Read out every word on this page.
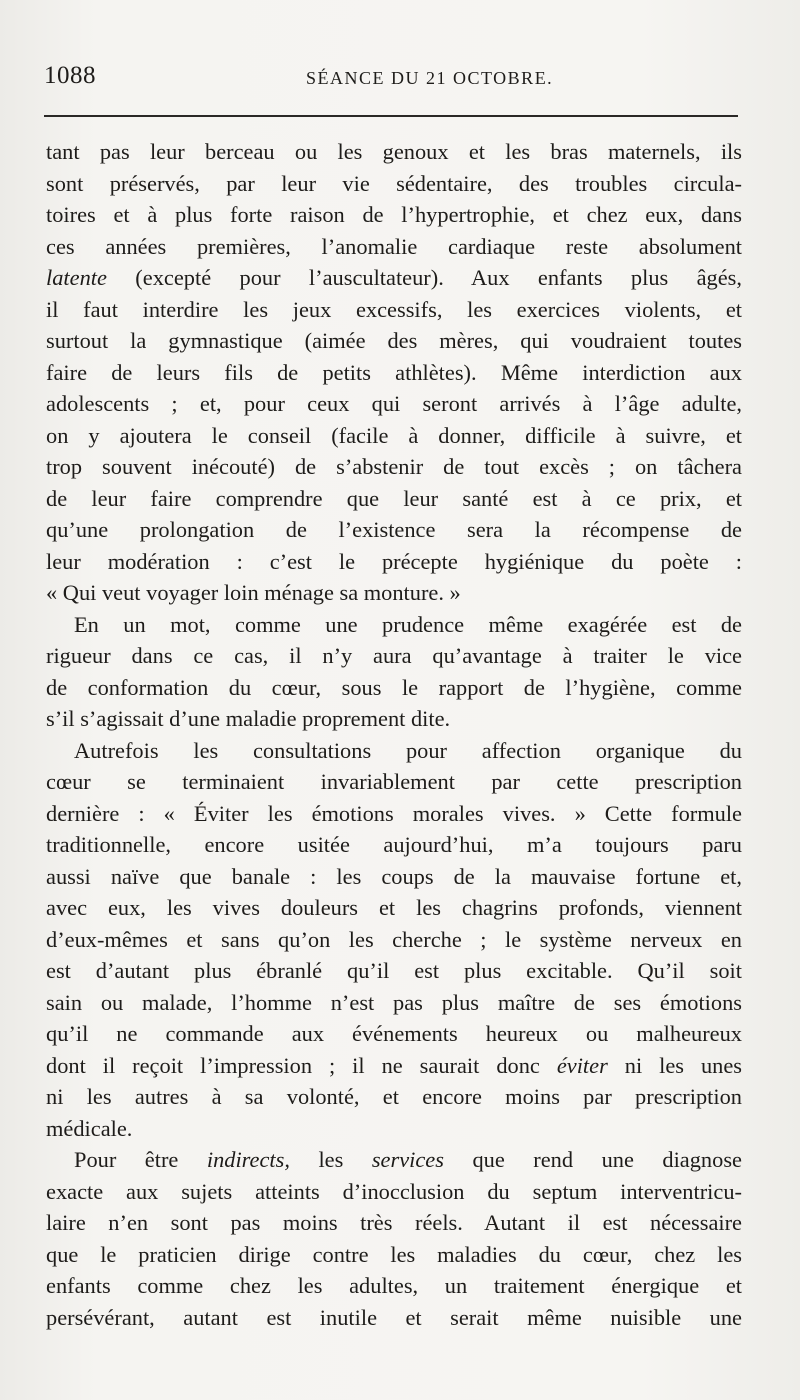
1088	SÉANCE DU 21 OCTOBRE.
tant pas leur berceau ou les genoux et les bras maternels, ils
sont préservés, par leur vie sédentaire, des troubles circula-
toires et à plus forte raison de l’hypertrophie, et chez eux, dans
ces années premières, l’anomalie cardiaque reste absolument
latente (excepté pour l’auscultateur). Aux enfants plus âgés,
il faut interdire les jeux excessifs, les exercices violents, et
surtout la gymnastique (aimée des mères, qui voudraient toutes
faire de leurs fils de petits athlètes). Même interdiction aux
adolescents ; et, pour ceux qui seront arrivés à l’âge adulte,
on y ajoutera le conseil (facile à donner, difficile à suivre, et
trop souvent inécouté) de s’abstenir de tout excès ; on tâchera
de leur faire comprendre que leur santé est à ce prix, et
qu’une prolongation de l’existence sera la récompense de
leur modération : c’est le précepte hygiénique du poète :
« Qui veut voyager loin ménage sa monture. »
En un mot, comme une prudence même exagérée est de
rigueur dans ce cas, il n’y aura qu’avantage à traiter le vice
de conformation du cœur, sous le rapport de l’hygiène, comme
s’il s’agissait d’une maladie proprement dite.
Autrefois les consultations pour affection organique du
cœur se terminaient invariablement par cette prescription
dernière : « Éviter les émotions morales vives. » Cette formule
traditionnelle, encore usitée aujourd’hui, m’a toujours paru
aussi naïve que banale : les coups de la mauvaise fortune et,
avec eux, les vives douleurs et les chagrins profonds, viennent
d’eux-mêmes et sans qu’on les cherche ; le système nerveux en
est d’autant plus ébranlé qu’il est plus excitable. Qu’il soit
sain ou malade, l’homme n’est pas plus maître de ses émotions
qu’il ne commande aux événements heureux ou malheureux
dont il reçoit l’impression ; il ne saurait donc éviter ni les unes
ni les autres à sa volonté, et encore moins par prescription
médicale.
Pour être indirects, les services que rend une diagnose
exacte aux sujets atteints d’inocclusion du septum interventricu-
laire n’en sont pas moins très réels. Autant il est nécessaire
que le praticien dirige contre les maladies du cœur, chez les
enfants comme chez les adultes, un traitement énergique et
persévérant, autant est inutile et serait même nuisible une
